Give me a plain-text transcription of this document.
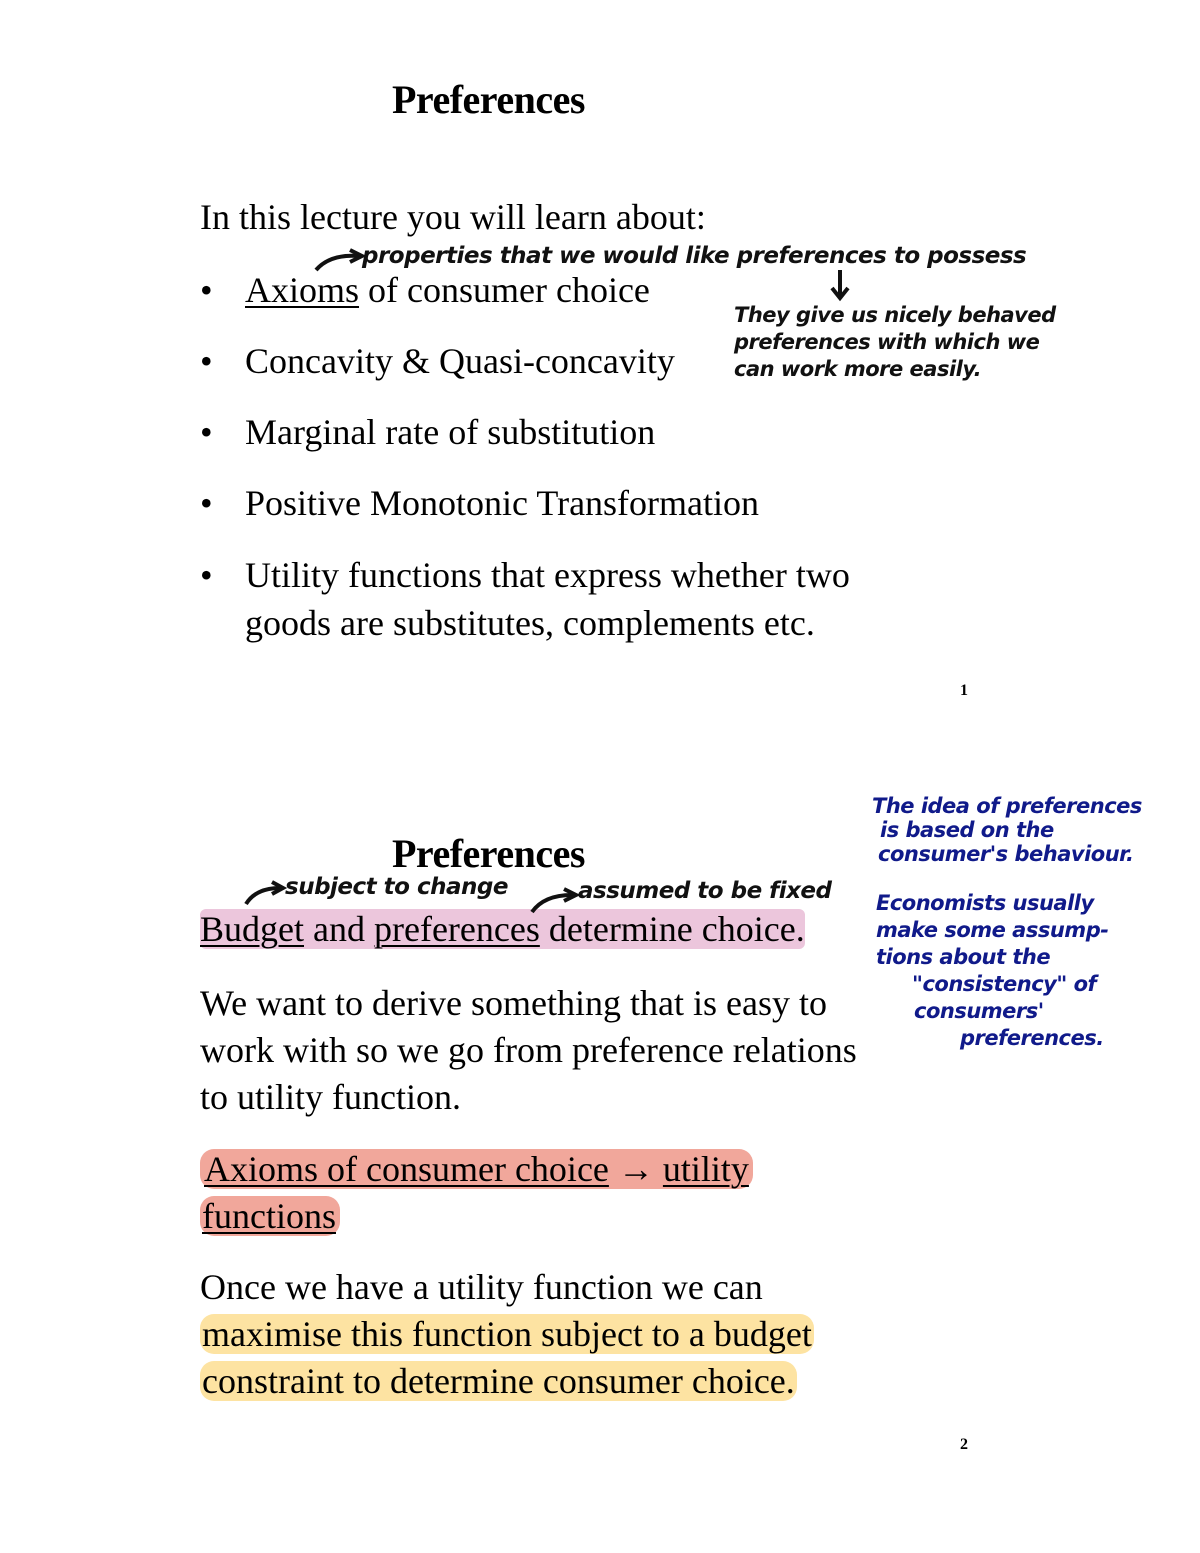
Preferences
In this lecture you will learn about:
properties that we would like preferences to possess
• Axioms of consumer choice
• Concavity & Quasi-concavity
• Marginal rate of substitution
• Positive Monotonic Transformation
• Utility functions that express whether two
goods are substitutes, complements etc.
They give us nicely behaved
preferences with which we
can work more easily.
1
Preferences
subject to change	assumed to be fixed
Budget and preferences determine choice.
We want to derive something that is easy to
work with so we go from preference relations
to utility function.
Axioms of consumer choice → utility
functions
Once we have a utility function we can
maximise this function subject to a budget
constraint to determine consumer choice.
The idea of preferences
is based on the
consumer's behaviour.
Economists usually
make some assump-
tions about the
"consistency" of
consumers'
preferences.
2
